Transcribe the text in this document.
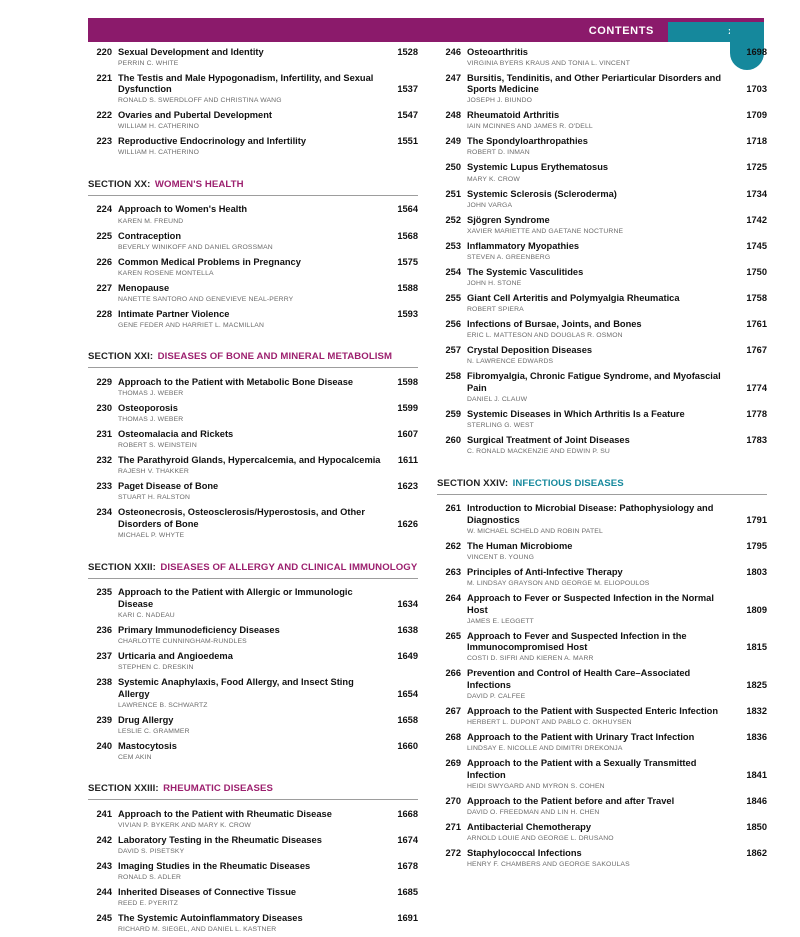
CONTENTS
220 Sexual Development and Identity
PERRIN C. WHITE
1528
221 The Testis and Male Hypogonadism, Infertility, and Sexual Dysfunction
RONALD S. SWERDLOFF AND CHRISTINA WANG
1537
222 Ovaries and Pubertal Development
WILLIAM H. CATHERINO
1547
223 Reproductive Endocrinology and Infertility
WILLIAM H. CATHERINO
1551
SECTION XX: WOMEN'S HEALTH
224 Approach to Women's Health
KAREN M. FREUND
1564
225 Contraception
BEVERLY WINIKOFF AND DANIEL GROSSMAN
1568
226 Common Medical Problems in Pregnancy
KAREN ROSENE MONTELLA
1575
227 Menopause
NANETTE SANTORO AND GENEVIEVE NEAL-PERRY
1588
228 Intimate Partner Violence
GENE FEDER AND HARRIET L. MACMILLAN
1593
SECTION XXI: DISEASES OF BONE AND MINERAL METABOLISM
229 Approach to the Patient with Metabolic Bone Disease
THOMAS J. WEBER
1598
230 Osteoporosis
THOMAS J. WEBER
1599
231 Osteomalacia and Rickets
ROBERT S. WEINSTEIN
1607
232 The Parathyroid Glands, Hypercalcemia, and Hypocalcemia
RAJESH V. THAKKER
1611
233 Paget Disease of Bone
STUART H. RALSTON
1623
234 Osteonecrosis, Osteosclerosis/Hyperostosis, and Other Disorders of Bone
MICHAEL P. WHYTE
1626
SECTION XXII: DISEASES OF ALLERGY AND CLINICAL IMMUNOLOGY
235 Approach to the Patient with Allergic or Immunologic Disease
KARI C. NADEAU
1634
236 Primary Immunodeficiency Diseases
CHARLOTTE CUNNINGHAM-RUNDLES
1638
237 Urticaria and Angioedema
STEPHEN C. DRESKIN
1649
238 Systemic Anaphylaxis, Food Allergy, and Insect Sting Allergy
LAWRENCE B. SCHWARTZ
1654
239 Drug Allergy
LESLIE C. GRAMMER
1658
240 Mastocytosis
CEM AKIN
1660
SECTION XXIII: RHEUMATIC DISEASES
241 Approach to the Patient with Rheumatic Disease
VIVIAN P. BYKERK AND MARY K. CROW
1668
242 Laboratory Testing in the Rheumatic Diseases
DAVID S. PISETSKY
1674
243 Imaging Studies in the Rheumatic Diseases
RONALD S. ADLER
1678
244 Inherited Diseases of Connective Tissue
REED E. PYERITZ
1685
245 The Systemic Autoinflammatory Diseases
RICHARD M. SIEGEL, AND DANIEL L. KASTNER
1691
246 Osteoarthritis
VIRGINIA BYERS KRAUS AND TONIA L. VINCENT
1698
247 Bursitis, Tendinitis, and Other Periarticular Disorders and Sports Medicine
JOSEPH J. BIUNDO
1703
248 Rheumatoid Arthritis
IAIN MCINNES AND JAMES R. O'DELL
1709
249 The Spondyloarthropathies
ROBERT D. INMAN
1718
250 Systemic Lupus Erythematosus
MARY K. CROW
1725
251 Systemic Sclerosis (Scleroderma)
JOHN VARGA
1734
252 Sjögren Syndrome
XAVIER MARIETTE AND GAETANE NOCTURNE
1742
253 Inflammatory Myopathies
STEVEN A. GREENBERG
1745
254 The Systemic Vasculitides
JOHN H. STONE
1750
255 Giant Cell Arteritis and Polymyalgia Rheumatica
ROBERT SPIERA
1758
256 Infections of Bursae, Joints, and Bones
ERIC L. MATTESON AND DOUGLAS R. OSMON
1761
257 Crystal Deposition Diseases
N. LAWRENCE EDWARDS
1767
258 Fibromyalgia, Chronic Fatigue Syndrome, and Myofascial Pain
DANIEL J. CLAUW
1774
259 Systemic Diseases in Which Arthritis Is a Feature
STERLING G. WEST
1778
260 Surgical Treatment of Joint Diseases
C. RONALD MACKENZIE AND EDWIN P. SU
1783
SECTION XXIV: INFECTIOUS DISEASES
261 Introduction to Microbial Disease: Pathophysiology and Diagnostics
W. MICHAEL SCHELD AND ROBIN PATEL
1791
262 The Human Microbiome
VINCENT B. YOUNG
1795
263 Principles of Anti-Infective Therapy
M. LINDSAY GRAYSON AND GEORGE M. ELIOPOULOS
1803
264 Approach to Fever or Suspected Infection in the Normal Host
JAMES E. LEGGETT
1809
265 Approach to Fever and Suspected Infection in the Immunocompromised Host
COSTI D. SIFRI AND KIEREN A. MARR
1815
266 Prevention and Control of Health Care–Associated Infections
DAVID P. CALFEE
1825
267 Approach to the Patient with Suspected Enteric Infection
HERBERT L. DUPONT AND PABLO C. OKHUYSEN
1832
268 Approach to the Patient with Urinary Tract Infection
LINDSAY E. NICOLLE AND DIMITRI DREKONJA
1836
269 Approach to the Patient with a Sexually Transmitted Infection
HEIDI SWYGARD AND MYRON S. COHEN
1841
270 Approach to the Patient before and after Travel
DAVID O. FREEDMAN AND LIN H. CHEN
1846
271 Antibacterial Chemotherapy
ARNOLD LOUIE AND GEORGE L. DRUSANO
1850
272 Staphylococcal Infections
HENRY F. CHAMBERS AND GEORGE SAKOULAS
1862
